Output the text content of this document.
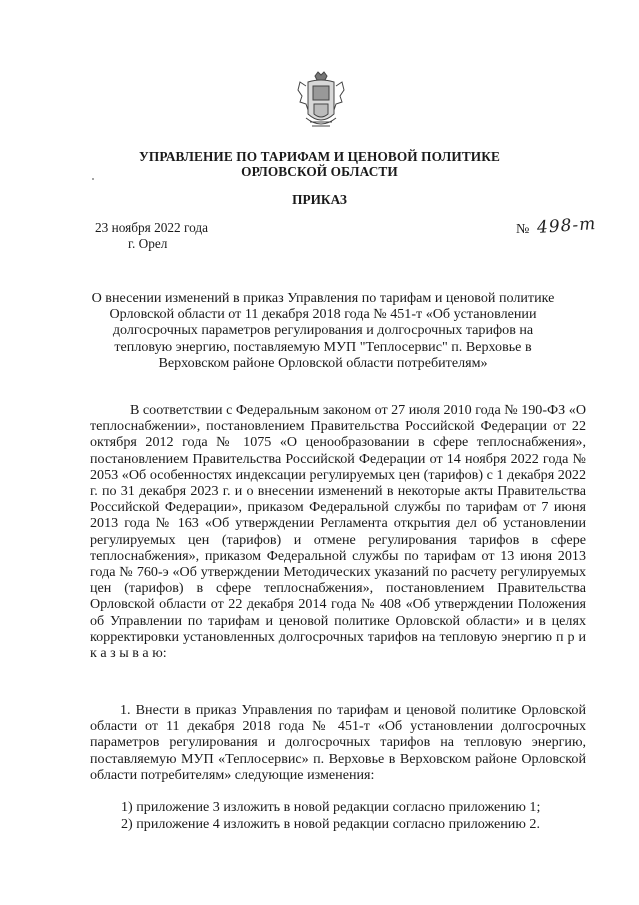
УПРАВЛЕНИЕ ПО ТАРИФАМ И ЦЕНОВОЙ ПОЛИТИКЕ
ОРЛОВСКОЙ ОБЛАСТИ
ПРИКАЗ
23 ноября 2022 года
г. Орел
№ 498-т
О внесении изменений в приказ Управления по тарифам и ценовой политике Орловской области от 11 декабря 2018 года № 451-т «Об установлении долгосрочных параметров регулирования и долгосрочных тарифов на тепловую энергию, поставляемую МУП "Теплосервис" п. Верховье в Верховском районе Орловской области потребителям»
В соответствии с Федеральным законом от 27 июля 2010 года № 190-ФЗ «О теплоснабжении», постановлением Правительства Российской Федерации от 22 октября 2012 года № 1075 «О ценообразовании в сфере теплоснабжения», постановлением Правительства Российской Федерации от 14 ноября 2022 года № 2053 «Об особенностях индексации регулируемых цен (тарифов) с 1 декабря 2022 г. по 31 декабря 2023 г. и о внесении изменений в некоторые акты Правительства Российской Федерации», приказом Федеральной службы по тарифам от 7 июня 2013 года № 163 «Об утверждении Регламента открытия дел об установлении регулируемых цен (тарифов) и отмене регулирования тарифов в сфере теплоснабжения», приказом Федеральной службы по тарифам от 13 июня 2013 года № 760-э «Об утверждении Методических указаний по расчету регулируемых цен (тарифов) в сфере теплоснабжения», постановлением Правительства Орловской области от 22 декабря 2014 года № 408 «Об утверждении Положения об Управлении по тарифам и ценовой политике Орловской области» и в целях корректировки установленных долгосрочных тарифов на тепловую энергию п р и к а з ы в а ю:
1. Внести в приказ Управления по тарифам и ценовой политике Орловской области от 11 декабря 2018 года № 451-т «Об установлении долгосрочных параметров регулирования и долгосрочных тарифов на тепловую энергию, поставляемую МУП «Теплосервис» п. Верховье в Верховском районе Орловской области потребителям» следующие изменения:
1) приложение 3 изложить в новой редакции согласно приложению 1;
2) приложение 4 изложить в новой редакции согласно приложению 2.
